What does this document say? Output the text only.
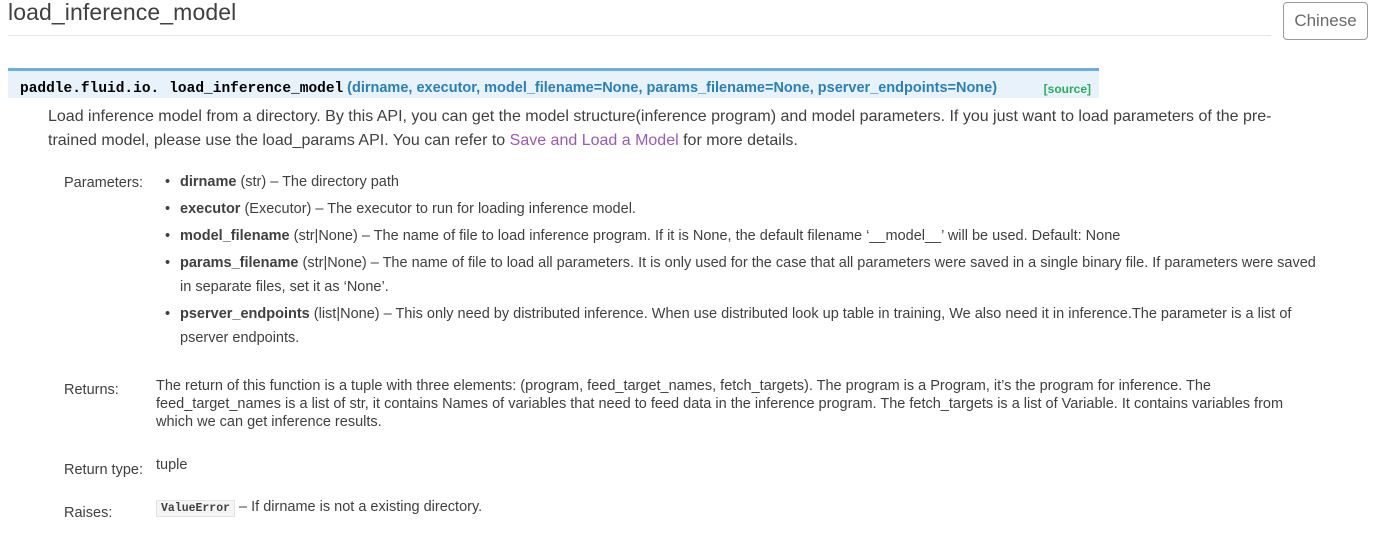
load_inference_model	Chinese
paddle.fluid.io. load_inference_model (dirname, executor, model_filename=None, params_filename=None, pserver_endpoints=None)	[source]

Load inference model from a directory. By this API, you can get the model structure(inference program) and model parameters. If you just want to load parameters of the pre-trained model, please use the load_params API. You can refer to Save and Load a Model for more details.

Parameters: • dirname (str) – The directory path
• executor (Executor) – The executor to run for loading inference model.
• model_filename (str|None) – The name of file to load inference program. If it is None, the default filename ‘__model__’ will be used. Default: None
• params_filename (str|None) – The name of file to load all parameters. It is only used for the case that all parameters were saved in a single binary file. If parameters were saved in separate files, set it as ‘None’.
• pserver_endpoints (list|None) – This only need by distributed inference. When use distributed look up table in training, We also need it in inference.The parameter is a list of pserver endpoints.
Returns:	The return of this function is a tuple with three elements: (program, feed_target_names, fetch_targets). The program is a Program, it’s the program for inference. The feed_target_names is a list of str, it contains Names of variables that need to feed data in the inference program. The fetch_targets is a list of Variable. It contains variables from which we can get inference results.

Return type: tuple
Raises:	ValueError – If dirname is not a existing directory.
